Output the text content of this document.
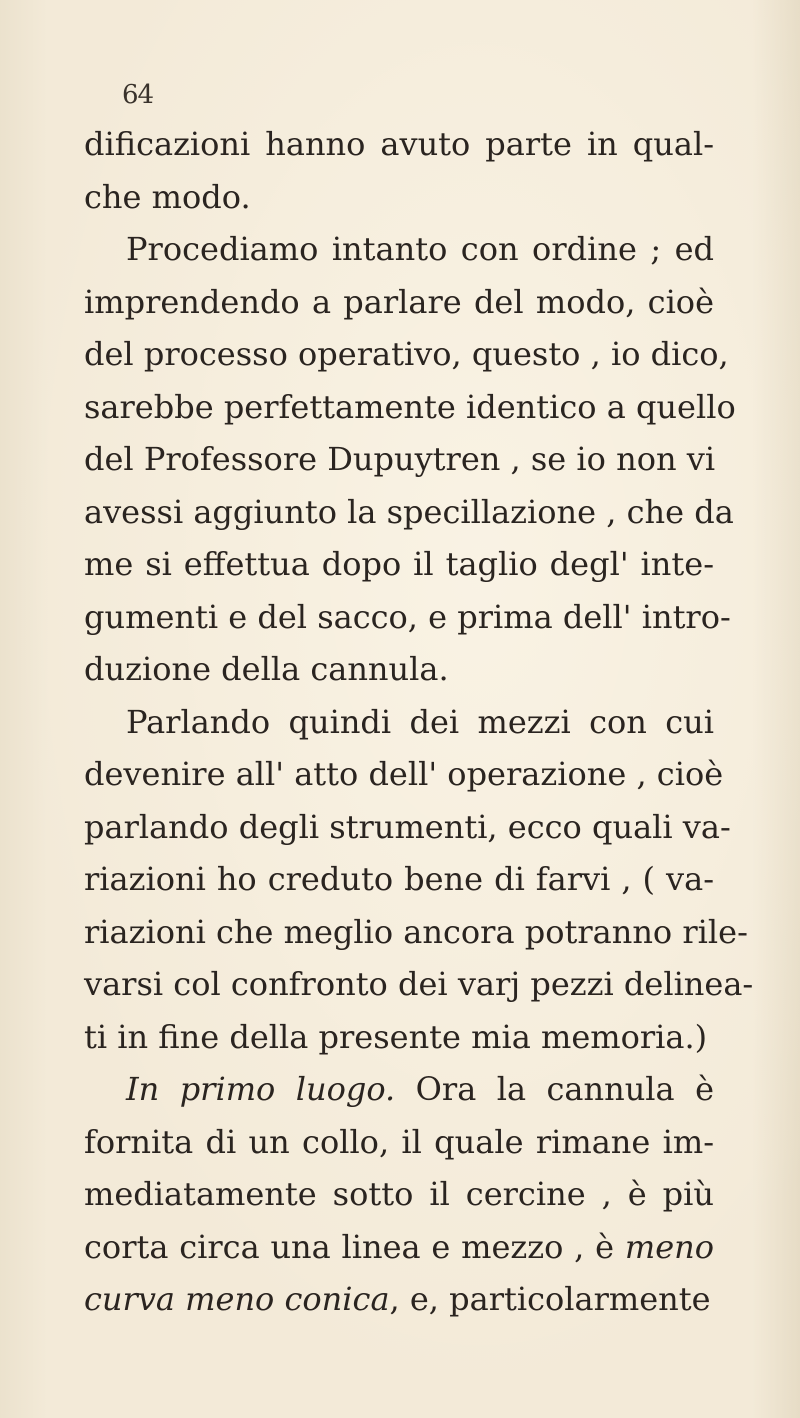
64
dificazioni hanno avuto parte in qual-
che modo.
Procediamo intanto con ordine ; ed
imprendendo a parlare del modo, cioè
del processo operativo, questo , io dico,
sarebbe perfettamente identico a quello
del Professore Dupuytren , se io non vi
avessi aggiunto la specillazione , che da
me si effettua dopo il taglio degl' inte-
gumenti e del sacco, e prima dell' intro-
duzione della cannula.
Parlando quindi dei mezzi con cui
devenire all' atto dell' operazione , cioè
parlando degli strumenti, ecco quali va-
riazioni ho creduto bene di farvi , ( va-
riazioni che meglio ancora potranno rile-
varsi col confronto dei varj pezzi delinea-
ti in fine della presente mia memoria.)
In primo luogo. Ora la cannula è
fornita di un collo, il quale rimane im-
mediatamente sotto il cercine , è più
corta circa una linea e mezzo , è meno
curva meno conica, e, particolarmente
